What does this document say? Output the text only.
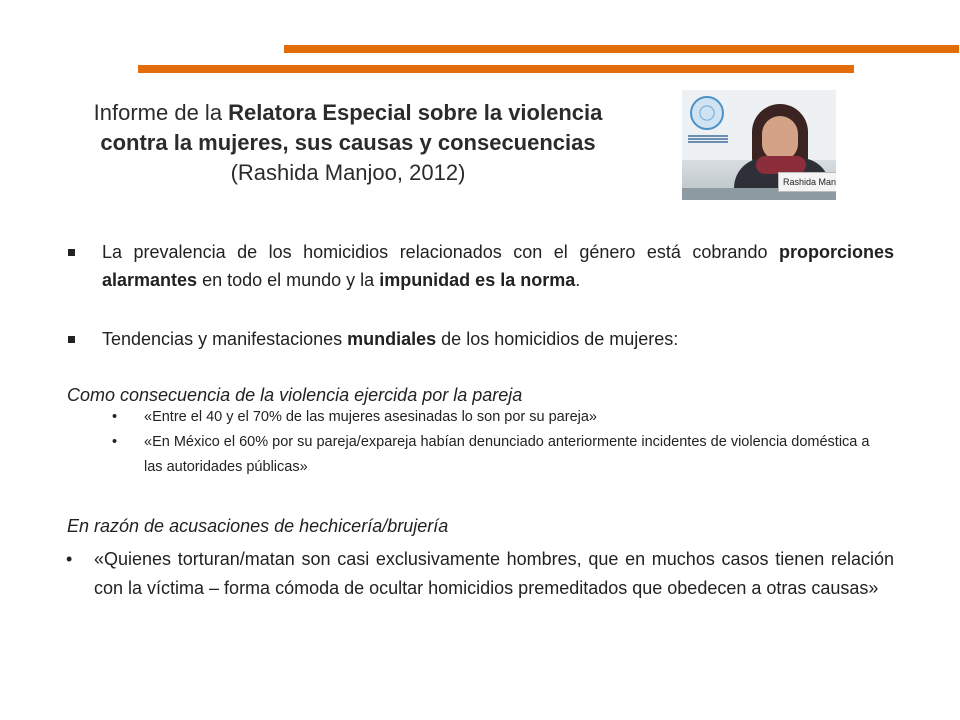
Informe de la Relatora Especial sobre la violencia contra la mujeres, sus causas y consecuencias (Rashida Manjoo, 2012)	Rashida Man
La prevalencia de los homicidios relacionados con el género está cobrando proporciones alarmantes en todo el mundo y la impunidad es la norma.
Tendencias y manifestaciones mundiales de los homicidios de mujeres:
Como consecuencia de la violencia ejercida por la pareja
• «Entre el 40 y el 70% de las mujeres asesinadas lo son por su pareja»
• «En México el 60% por su pareja/expareja habían denunciado anteriormente incidentes de violencia doméstica a las autoridades públicas»
En razón de acusaciones de hechicería/brujería
• «Quienes torturan/matan son casi exclusivamente hombres, que en muchos casos tienen relación con la víctima – forma cómoda de ocultar homicidios premeditados que obedecen a otras causas»
